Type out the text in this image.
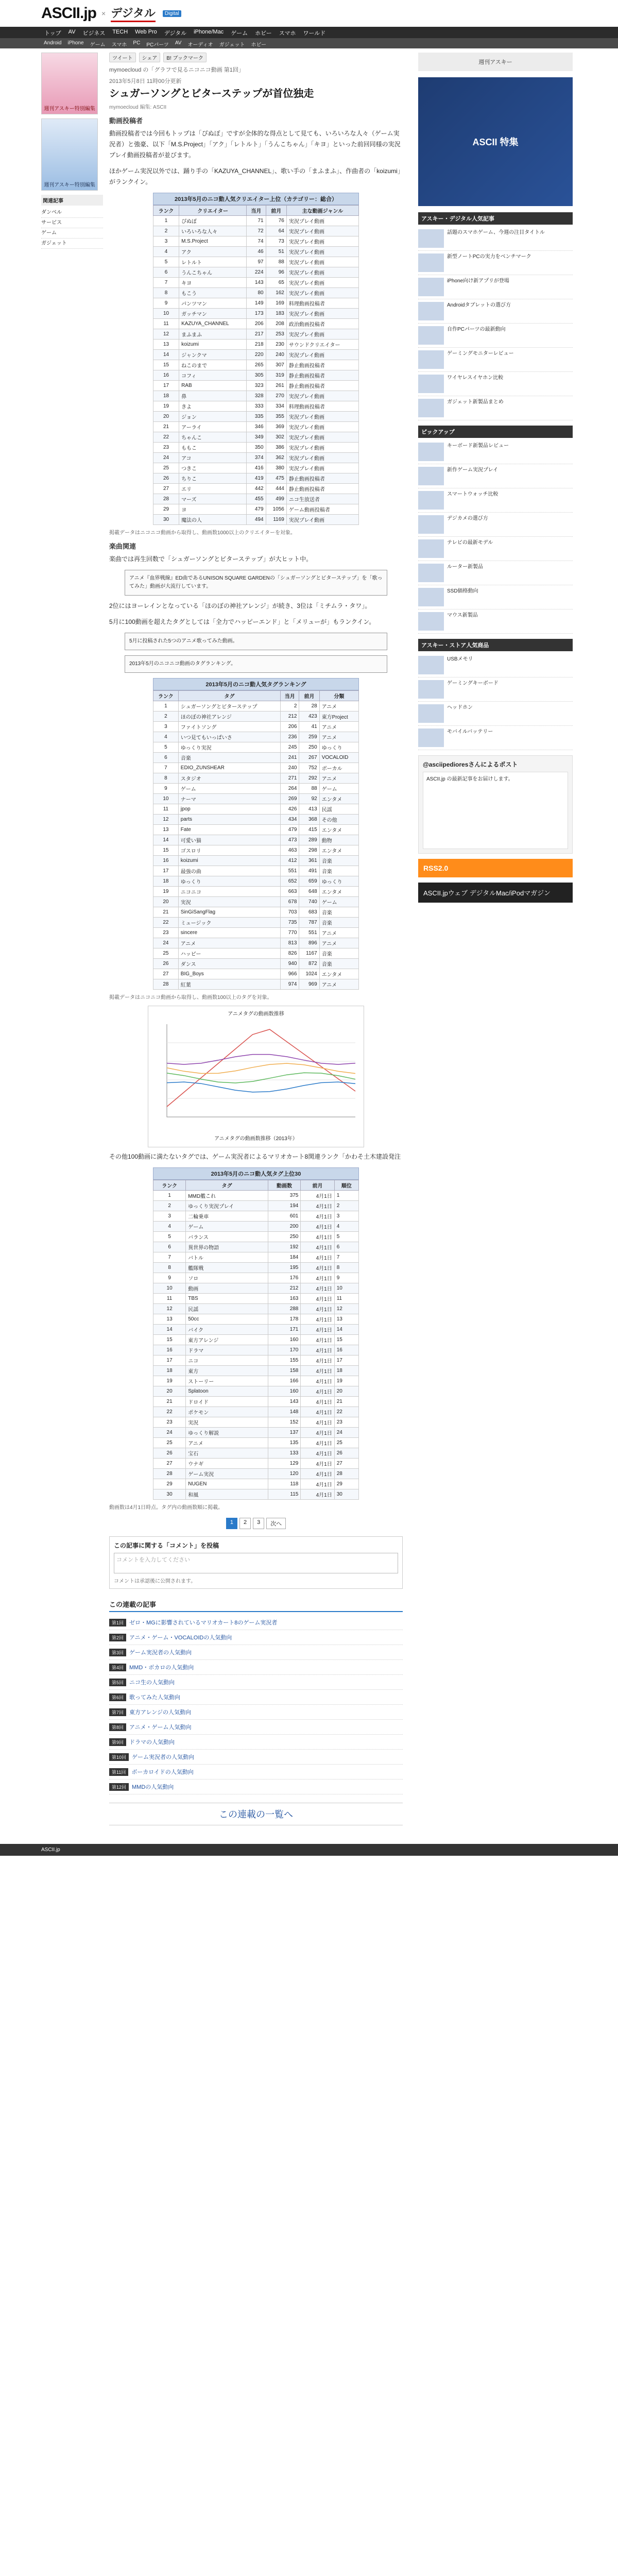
ASCII.jp × デジタル	Digital
トップ	AV	ビジネス	TECH	Web Pro	デジタル	iPhone/Mac	ゲーム	ホビー	スマホ	ワールド
Android	iPhone	ゲーム	スマホ	PC	PCパーツ	AV	オーディオ	ガジェット	ホビー
週刊アスキー特別編集
週刊アスキー特別編集
関連記事
ダンベル
サービス
ゲーム
ガジェット
ツイート	シェア	B! ブックマーク
mymoecloud の「グラフで見るニコニコ動画 第1回」
2013年5月8日 11時00分更新
シュガーソングとビターステップが首位独走
mymoecloud 編集: ASCII
動画投稿者

動画投稿者では今回もトップは「ぴぬぼ」ですが全体的な得点として見ても、いろいろな人々（ゲーム実況者）と強豪、以下「M.S.Project」「アク」「レトルト」「うんこちゃん」「キヨ」といった前回同様の実況プレイ動画投稿者が並びます。

ほかゲーム実況以外では、踊り手の「KAZUYA_CHANNEL」、歌い手の「まふまふ」、作曲者の「koizumi」がランクイン。

2013年5月のニコ動人気クリエイター上位（カテゴリー：総合）
ランク	クリエイター	当月	前月	主な動画ジャンル
1	ぴぬぼ	71	76	実況プレイ動画
2	いろいろな人々	72	64	実況プレイ動画
3	M.S.Project	74	73	実況プレイ動画
4	アク	46	51	実況プレイ動画
5	レトルト	97	88	実況プレイ動画
6	うんこちゃん	224	96	実況プレイ動画
7	キヨ	143	65	実況プレイ動画
8	もこう	80	162	実況プレイ動画
9	パンツマン	149	169	料理動画投稿者
10	ガッチマン	173	183	実況プレイ動画
11	KAZUYA_CHANNEL	206	208	政治動画投稿者
12	まふまふ	217	253	実況プレイ動画
13	koizumi	218	230	サウンドクリエイター
14	ジャンクマ	220	240	実況プレイ動画
15	ねこのまで	265	307	静止動画投稿者
16	コフィ	305	319	静止動画投稿者
17	RAB	323	261	静止動画投稿者
18	鼻	328	270	実況プレイ動画
19	きよ	333	334	料理動画投稿者
20	ジョン	335	355	実況プレイ動画
21	アーライ	346	369	実況プレイ動画
22	ちゃんこ	349	302	実況プレイ動画
23	ももこ	350	386	実況プレイ動画
24	アコ	374	362	実況プレイ動画
25	つきこ	416	380	実況プレイ動画
26	ちりこ	419	475	静止動画投稿者
27	エリ	442	444	静止動画投稿者
28	マーズ	455	499	ニコ生放送者
29	ヨ	479	1056	ゲーム動画投稿者
30	魔法の人	494	1169	実況プレイ動画
掲載データはニコニコ動画から取得し、動画数1000以上のクリエイターを対象。
楽曲関連

楽曲では再生回数で「シュガーソングとビターステップ」が大ヒット中。

アニメ『血界戦線』ED曲であるUNISON SQUARE GARDENの「シュガーソングとビターステップ」を「歌ってみた」動画が大流行しています。

2位にはヨーレインとなっている「ほのぼの神社アレンジ」が続き、3位は「ミチムラ・タワ」。

5月に100動画を超えたタグとしては「全力でハッピーエンド」と「メリューが」もランクイン。

5月に投稿された5つのアニメ歌ってみた動画。
2013年5月のニコニコ動画のタグランキング。
2013年5月のニコ動人気タグランキング
ランク	タグ	当月	前月	分類
1	シュガーソングとビターステップ	2	28	アニメ
2	ほのぼの神社アレンジ	212	423	東方Project
3	ファイトソング	206	41	アニメ
4	いつ見てもいっぱいさ	236	259	アニメ
5	ゆっくり実況	245	250	ゆっくり
6	音楽	241	267	VOCALOID
7	EDIO_ZUNSHEAR	240	752	ボーカル
8	スタジオ	271	292	アニメ
9	ゲーム	264	88	ゲーム
10	ナーマ	269	92	エンタメ
11	jpop	426	413	民謡
12	parts	434	368	その他
13	Fate	479	415	エンタメ
14	可愛い猫	473	289	動物
15	ゴスロリ	463	298	エンタメ
16	koizumi	412	361	音楽
17	最強の曲	551	491	音楽
18	ゆっくり	652	659	ゆっくり
19	ニコニコ	663	648	エンタメ
20	実況	678	740	ゲーム
21	SinGiSangFlag	703	683	音楽
22	ミュージック	735	787	音楽
23	sincere	770	551	アニメ
24	アニメ	813	896	アニメ
25	ハッピー	826	1167	音楽
26	ダンス	940	872	音楽
27	BIG_Boys	966	1024	エンタメ
28	紅葉	974	969	アニメ
掲載データはニコニコ動画から取得し、動画数100以上のタグを対象。
アニメタグの動画数推移
アニメタグの動画数推移（2013年）

その他100動画に満たないタグでは、ゲーム実況者によるマリオカート8関連ランク「かわそ土木建設発注

2013年5月のニコ動人気タグ上位30
ランク	タグ	動画数	前月	順位
1	MMD艦これ	375	4月1日	1
2	ゆっくり実況プレイ	194	4月1日	2
3	二輪乗車	601	4月1日	3
4	ゲーム	200	4月1日	4
5	バランス	250	4月1日	5
6	異世界の物語	192	4月1日	6
7	バトル	184	4月1日	7
8	艦隊戦	195	4月1日	8
9	ソロ	176	4月1日	9
10	動画	212	4月1日	10
11	TBS	163	4月1日	11
12	民謡	288	4月1日	12
13	50cc	178	4月1日	13
14	バイク	171	4月1日	14
15	東方アレンジ	160	4月1日	15
16	ドラマ	170	4月1日	16
17	ニコ	155	4月1日	17
18	東方	158	4月1日	18
19	ストーリー	166	4月1日	19
20	Splatoon	160	4月1日	20
21	ドロイド	143	4月1日	21
22	ポケモン	148	4月1日	22
23	実況	152	4月1日	23
24	ゆっくり解説	137	4月1日	24
25	アニメ	135	4月1日	25
26	宝石	133	4月1日	26
27	ウナギ	129	4月1日	27
28	ゲーム実況	120	4月1日	28
29	NUGEN	118	4月1日	29
30	和風	115	4月1日	30
動画数は4月1日時点。タグ内の動画数順に掲載。
1	2	3	次へ
この記事に関する「コメント」を投稿
コメントを入力してください
コメントは承認後に公開されます。
この連載の記事
第1回	ゼロ・MGに影響されているマリオカート8のゲーム実況者
第2回	アニメ・ゲーム・VOCALOIDの人気動向
第3回	ゲーム実況者の人気動向
第4回	MMD・ボカロの人気動向
第5回	ニコ生の人気動向
第6回	歌ってみた人気動向
第7回	東方アレンジの人気動向
第8回	アニメ・ゲーム人気動向
第9回	ドラマの人気動向
第10回	ゲーム実況者の人気動向
第11回	ボーカロイドの人気動向
第12回	MMDの人気動向
この連載の一覧へ
週刊アスキー
ASCII 特集
アスキー・デジタル人気記事
話題のスマホゲーム、今週の注目タイトル
新型ノートPCの実力をベンチマーク
iPhone向け新アプリが登場
Androidタブレットの選び方
自作PCパーツの最新動向
ゲーミングモニターレビュー
ワイヤレスイヤホン比較
ガジェット新製品まとめ
ピックアップ
キーボード新製品レビュー
新作ゲーム実況プレイ
スマートウォッチ比較
デジカメの選び方
テレビの最新モデル
ルーター新製品
SSD価格動向
マウス新製品
アスキー・ストア人気商品
USBメモリ
ゲーミングキーボード
ヘッドホン
モバイルバッテリー
@asciipedioresさんによるポスト
ASCII.jp の最新記事をお届けします。
RSS2.0
ASCII.jpウェブ デジタルMac/iPodマガジン
ASCII.jp
